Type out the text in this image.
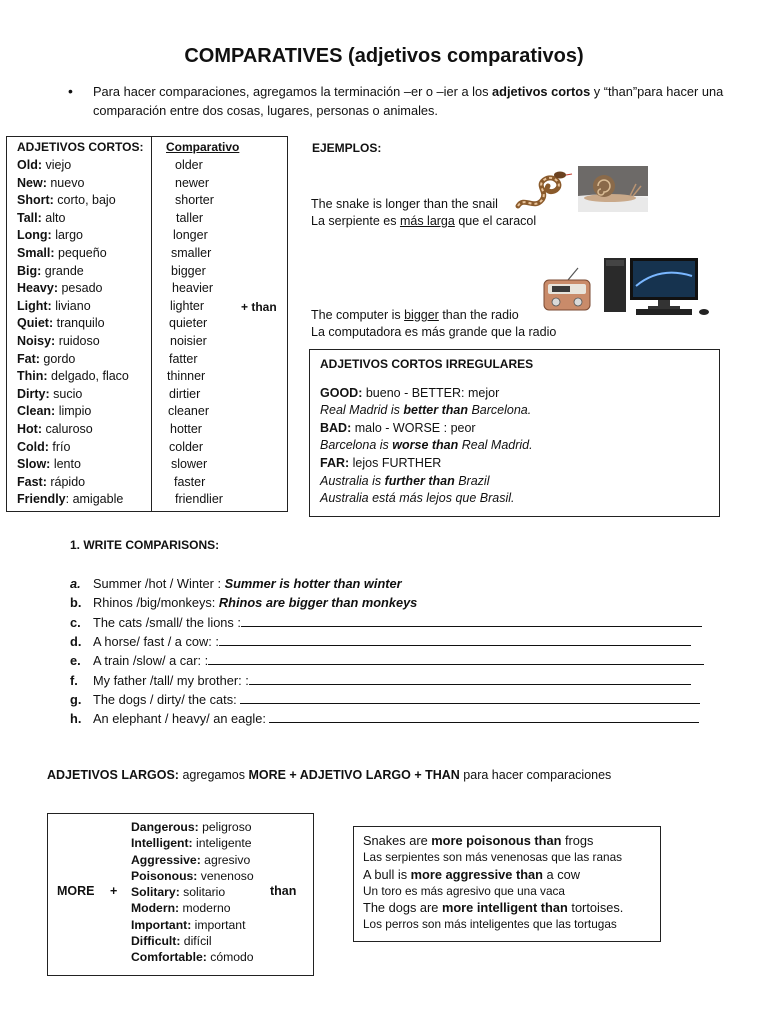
COMPARATIVES (adjetivos comparativos)
• Para hacer comparaciones, agregamos la terminación –er o –ier a los adjetivos cortos y “than”para hacer una comparación entre dos cosas, lugares, personas o animales.
ADJETIVOS CORTOS: Comparativo
Old: viejo	older
New: nuevo	newer
Short: corto, bajo	shorter
Tall: alto	taller
Long: largo	longer
Small: pequeño	smaller
Big: grande	bigger
Heavy: pesado	heavier
Light: liviano	lighter
Quiet: tranquilo	quieter
Noisy: ruidoso	noisier
Fat: gordo	fatter
Thin: delgado, flaco	thinner
Dirty: sucio	dirtier
Clean: limpio	cleaner
Hot: caluroso	hotter
Cold: frío	colder
Slow: lento	slower
Fast: rápido	faster
Friendly: amigable	friendlier
+ than
EJEMPLOS:
The snake is longer than the snail
La serpiente es más larga que el caracol
The computer is bigger than the radio
La computadora es más grande que la radio
ADJETIVOS CORTOS IRREGULARES
GOOD: bueno - BETTER: mejor
Real Madrid is better than Barcelona.
BAD: malo - WORSE : peor
Barcelona is worse than Real Madrid.
FAR: lejos FURTHER
Australia is further than Brazil
Australia está más lejos que Brasil.
1. WRITE COMPARISONS:
a. Summer /hot / Winter : Summer is hotter than winter
b. Rhinos /big/monkeys: Rhinos are bigger than monkeys
c. The cats /small/ the lions :
d. A horse/ fast / a cow: :
e. A train /slow/ a car: :
f.	My father /tall/ my brother: :
g. The dogs / dirty/ the cats:
h. An elephant / heavy/ an eagle:
ADJETIVOS LARGOS: agregamos MORE + ADJETIVO LARGO + THAN para hacer comparaciones
MORE +
Dangerous: peligroso
Intelligent: inteligente
Aggressive: agresivo
Poisonous: venenoso
Solitary: solitario
Modern: moderno
Important: important
Difficult: difícil
Comfortable: cómodo
than
Snakes are more poisonous than frogs
Las serpientes son más venenosas que las ranas
A bull is more aggressive than a cow
Un toro es más agresivo que una vaca
The dogs are more intelligent than tortoises.
Los perros son más inteligentes que las tortugas
